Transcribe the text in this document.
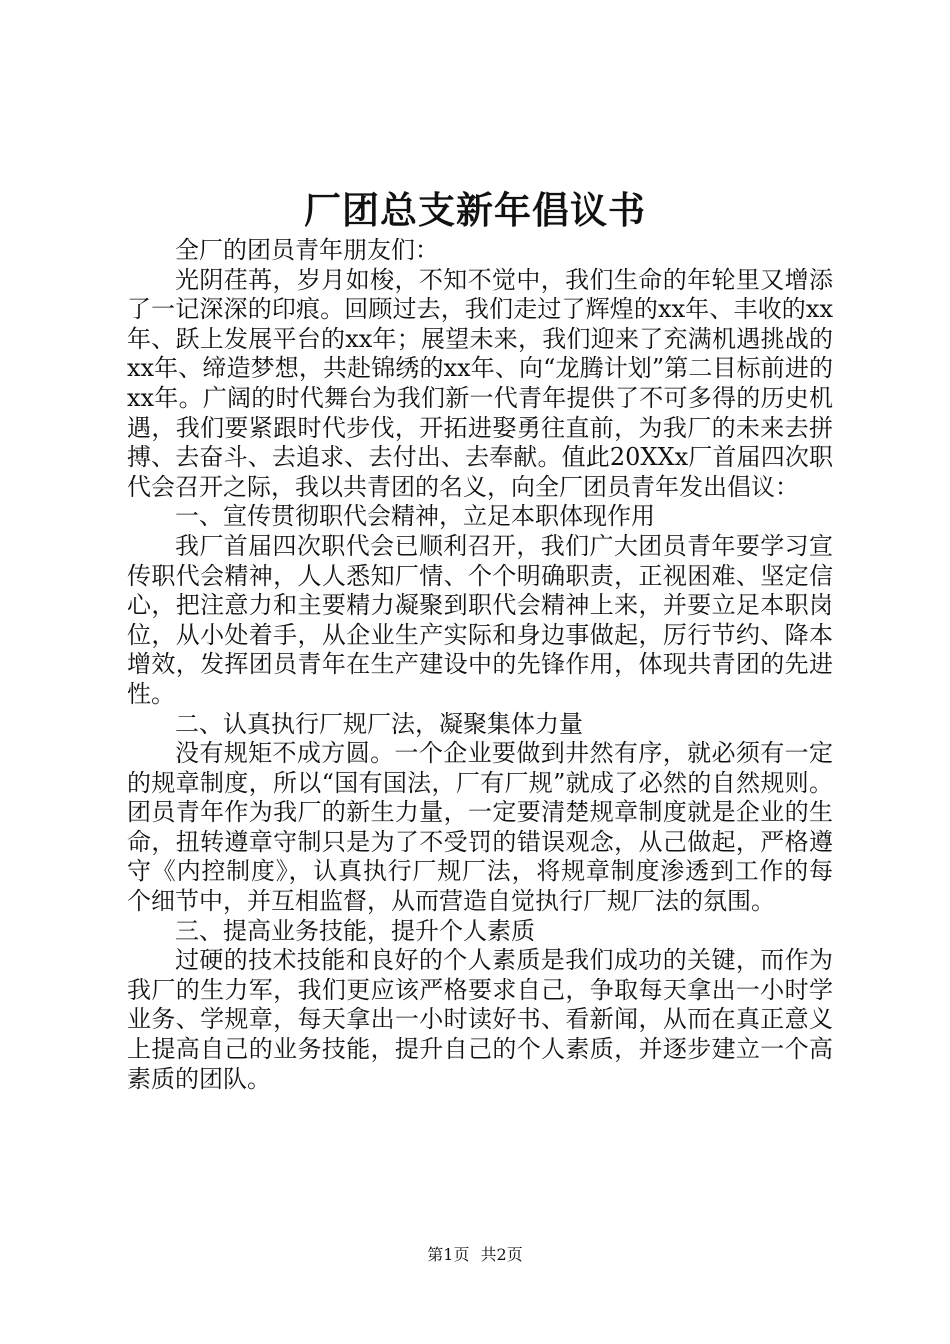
厂团总支新年倡议书

全厂的团员青年朋友们：

光阴荏苒，岁月如梭，不知不觉中，我们生命的年轮里又增添了一记深深的印痕。回顾过去，我们走过了辉煌的xx年、丰收的xx年、跃上发展平台的xx年；展望未来，我们迎来了充满机遇挑战的xx年、缔造梦想，共赴锦绣的xx年、向“龙腾计划”第二目标前进的xx年。广阔的时代舞台为我们新一代青年提供了不可多得的历史机遇，我们要紧跟时代步伐，开拓进娶勇往直前，为我厂的未来去拼搏、去奋斗、去追求、去付出、去奉献。值此20XXx厂首届四次职代会召开之际，我以共青团的名义，向全厂团员青年发出倡议：

一、宣传贯彻职代会精神，立足本职体现作用

我厂首届四次职代会已顺利召开，我们广大团员青年要学习宣传职代会精神，人人悉知厂情、个个明确职责，正视困难、坚定信心，把注意力和主要精力凝聚到职代会精神上来，并要立足本职岗位，从小处着手，从企业生产实际和身边事做起，厉行节约、降本增效，发挥团员青年在生产建设中的先锋作用，体现共青团的先进性。

二、认真执行厂规厂法，凝聚集体力量

没有规矩不成方圆。一个企业要做到井然有序，就必须有一定的规章制度，所以“国有国法，厂有厂规”就成了必然的自然规则。团员青年作为我厂的新生力量，一定要清楚规章制度就是企业的生命，扭转遵章守制只是为了不受罚的错误观念，从己做起，严格遵守《内控制度》，认真执行厂规厂法，将规章制度渗透到工作的每个细节中，并互相监督，从而营造自觉执行厂规厂法的氛围。

三、提高业务技能，提升个人素质

过硬的技术技能和良好的个人素质是我们成功的关键，而作为我厂的生力军，我们更应该严格要求自己，争取每天拿出一小时学业务、学规章，每天拿出一小时读好书、看新闻，从而在真正意义上提高自己的业务技能，提升自己的个人素质，并逐步建立一个高素质的团队。

第1页 共2页
